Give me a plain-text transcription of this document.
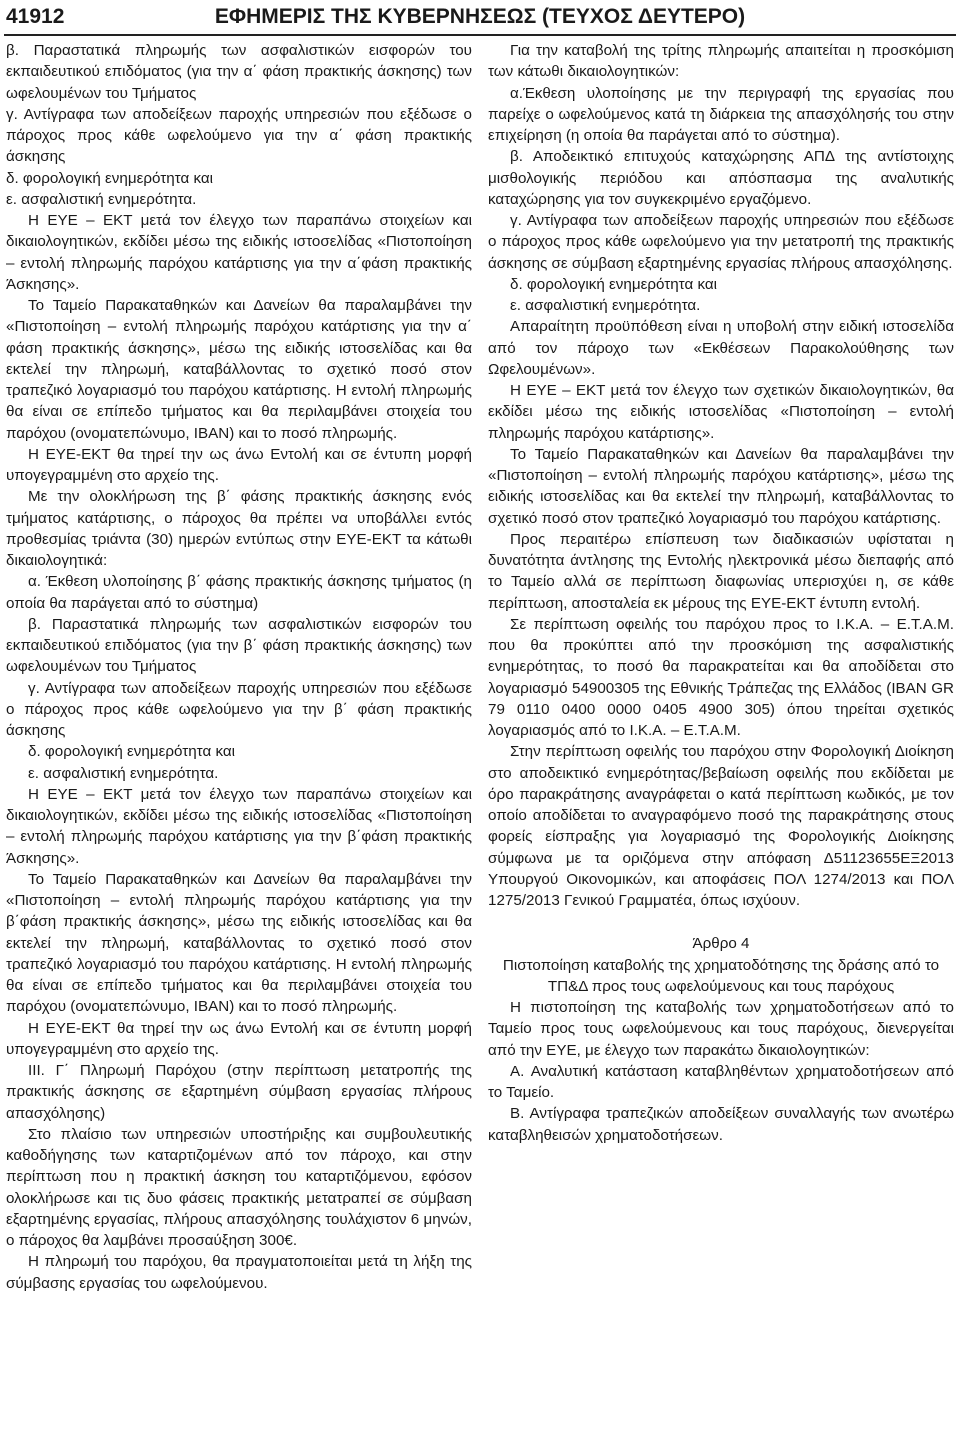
41912	ΕΦΗΜΕΡΙΣ ΤΗΣ ΚΥΒΕΡΝΗΣΕΩΣ (ΤΕΥΧΟΣ ΔΕΥΤΕΡΟ)

β. Παραστατικά πληρωμής των ασφαλιστικών εισφορών του εκπαιδευτικού επιδόματος (για την α΄ φάση πρακτικής άσκησης) των ωφελουμένων του Τμήματος

γ. Αντίγραφα των αποδείξεων παροχής υπηρεσιών που εξέδωσε ο πάροχος προς κάθε ωφελούμενο για την α΄ φάση πρακτικής άσκησης

δ. φορολογική ενημερότητα και

ε. ασφαλιστική ενημερότητα.

Η ΕΥΕ – ΕΚΤ μετά τον έλεγχο των παραπάνω στοιχείων και δικαιολογητικών, εκδίδει μέσω της ειδικής ιστοσελίδας «Πιστοποίηση – εντολή πληρωμής παρόχου κατάρτισης για την α΄φάση πρακτικής Άσκησης».

Το Ταμείο Παρακαταθηκών και Δανείων θα παραλαμβάνει την «Πιστοποίηση – εντολή πληρωμής παρόχου κατάρτισης για την α΄ φάση πρακτικής άσκησης», μέσω της ειδικής ιστοσελίδας και θα εκτελεί την πληρωμή, καταβάλλοντας το σχετικό ποσό στον τραπεζικό λογαριασμό του παρόχου κατάρτισης. Η εντολή πληρωμής θα είναι σε επίπεδο τμήματος και θα περιλαμβάνει στοιχεία του παρόχου (ονοματεπώνυμο, IBAN) και το ποσό πληρωμής.

Η ΕΥΕ-ΕΚΤ θα τηρεί την ως άνω Εντολή και σε έντυπη μορφή υπογεγραμμένη στο αρχείο της.

Με την ολοκλήρωση της β΄ φάσης πρακτικής άσκησης ενός τμήματος κατάρτισης, ο πάροχος θα πρέπει να υποβάλλει εντός προθεσμίας τριάντα (30) ημερών εντύπως στην ΕΥΕ-ΕΚΤ τα κάτωθι δικαιολογητικά:

α. Έκθεση υλοποίησης β΄ φάσης πρακτικής άσκησης τμήματος (η οποία θα παράγεται από το σύστημα)

β. Παραστατικά πληρωμής των ασφαλιστικών εισφορών του εκπαιδευτικού επιδόματος (για την β΄ φάση πρακτικής άσκησης) των ωφελουμένων του Τμήματος

γ. Αντίγραφα των αποδείξεων παροχής υπηρεσιών που εξέδωσε ο πάροχος προς κάθε ωφελούμενο για την β΄ φάση πρακτικής άσκησης

δ. φορολογική ενημερότητα και

ε. ασφαλιστική ενημερότητα.

Η ΕΥΕ – ΕΚΤ μετά τον έλεγχο των παραπάνω στοιχείων και δικαιολογητικών, εκδίδει μέσω της ειδικής ιστοσελίδας «Πιστοποίηση – εντολή πληρωμής παρόχου κατάρτισης για την β΄φάση πρακτικής Άσκησης».

Το Ταμείο Παρακαταθηκών και Δανείων θα παραλαμβάνει την «Πιστοποίηση – εντολή πληρωμής παρόχου κατάρτισης για την β΄φάση πρακτικής άσκησης», μέσω της ειδικής ιστοσελίδας και θα εκτελεί την πληρωμή, καταβάλλοντας το σχετικό ποσό στον τραπεζικό λογαριασμό του παρόχου κατάρτισης. Η εντολή πληρωμής θα είναι σε επίπεδο τμήματος και θα περιλαμβάνει στοιχεία του παρόχου (ονοματεπώνυμο, IBAN) και το ποσό πληρωμής.

Η ΕΥΕ-ΕΚΤ θα τηρεί την ως άνω Εντολή και σε έντυπη μορφή υπογεγραμμένη στο αρχείο της.

ΙΙΙ. Γ΄ Πληρωμή Παρόχου (στην περίπτωση μετατροπής της πρακτικής άσκησης σε εξαρτημένη σύμβαση εργασίας πλήρους απασχόλησης)

Στο πλαίσιο των υπηρεσιών υποστήριξης και συμβουλευτικής καθοδήγησης των καταρτιζομένων από τον πάροχο, και στην περίπτωση που η πρακτική άσκηση του καταρτιζόμενου, εφόσον ολοκλήρωσε και τις δυο φάσεις πρακτικής μετατραπεί σε σύμβαση εξαρτημένης εργασίας, πλήρους απασχόλησης τουλάχιστον 6 μηνών, ο πάροχος θα λαμβάνει προσαύξηση 300€.

Η πληρωμή του παρόχου, θα πραγματοποιείται μετά τη λήξη της σύμβασης εργασίας του ωφελούμενου.

Για την καταβολή της τρίτης πληρωμής απαιτείται η προσκόμιση των κάτωθι δικαιολογητικών:

α.Έκθεση υλοποίησης με την περιγραφή της εργασίας που παρείχε ο ωφελούμενος κατά τη διάρκεια της απασχόλησής του στην επιχείρηση (η οποία θα παράγεται από το σύστημα).

β. Αποδεικτικό επιτυχούς καταχώρησης ΑΠΔ της αντίστοιχης μισθολογικής περιόδου και απόσπασμα της αναλυτικής καταχώρησης για τον συγκεκριμένο εργαζόμενο.

γ. Αντίγραφα των αποδείξεων παροχής υπηρεσιών που εξέδωσε ο πάροχος προς κάθε ωφελούμενο για την μετατροπή της πρακτικής άσκησης σε σύμβαση εξαρτημένης εργασίας πλήρους απασχόλησης.

δ. φορολογική ενημερότητα και

ε. ασφαλιστική ενημερότητα.

Απαραίτητη προϋπόθεση είναι η υποβολή στην ειδική ιστοσελίδα από τον πάροχο των «Εκθέσεων Παρακολούθησης των Ωφελουμένων».

Η ΕΥΕ – ΕΚΤ μετά τον έλεγχο των σχετικών δικαιολογητικών, θα εκδίδει μέσω της ειδικής ιστοσελίδας «Πιστοποίηση – εντολή πληρωμής παρόχου κατάρτισης».

Το Ταμείο Παρακαταθηκών και Δανείων θα παραλαμβάνει την «Πιστοποίηση – εντολή πληρωμής παρόχου κατάρτισης», μέσω της ειδικής ιστοσελίδας και θα εκτελεί την πληρωμή, καταβάλλοντας το σχετικό ποσό στον τραπεζικό λογαριασμό του παρόχου κατάρτισης.

Προς περαιτέρω επίσπευση των διαδικασιών υφίσταται η δυνατότητα άντλησης της Εντολής ηλεκτρονικά μέσω διεπαφής από το Ταμείο αλλά σε περίπτωση διαφωνίας υπερισχύει η, σε κάθε περίπτωση, αποσταλεία εκ μέρους της ΕΥΕ-ΕΚΤ έντυπη εντολή.

Σε περίπτωση οφειλής του παρόχου προς το Ι.Κ.Α. – Ε.Τ.Α.Μ. που θα προκύπτει από την προσκόμιση της ασφαλιστικής ενημερότητας, το ποσό θα παρακρατείται και θα αποδίδεται στο λογαριασμό 54900305 της Εθνικής Τράπεζας της Ελλάδος (IBAN GR 79 0110 0400 0000 0405 4900 305) όπου τηρείται σχετικός λογαριασμός από το Ι.Κ.Α. – Ε.Τ.Α.Μ.

Στην περίπτωση οφειλής του παρόχου στην Φορολογική Διοίκηση στο αποδεικτικό ενημερότητας/βεβαίωση οφειλής που εκδίδεται με όρο παρακράτησης αναγράφεται ο κατά περίπτωση κωδικός, με τον οποίο αποδίδεται το αναγραφόμενο ποσό της παρακράτησης στους φορείς είσπραξης για λογαριασμό της Φορολογικής Διοίκησης σύμφωνα με τα οριζόμενα στην απόφαση Δ51123655ΕΞ2013 Υπουργού Οικονομικών, και αποφάσεις ΠΟΛ 1274/2013 και ΠΟΛ 1275/2013 Γενικού Γραμματέα, όπως ισχύουν.

Άρθρο 4

Πιστοποίηση καταβολής της χρηματοδότησης της δράσης από το ΤΠ&Δ προς τους ωφελούμενους και τους παρόχους

Η πιστοποίηση της καταβολής των χρηματοδοτήσεων από το Ταμείο προς τους ωφελούμενους και τους παρόχους, διενεργείται από την ΕΥΕ, με έλεγχο των παρακάτω δικαιολογητικών:

Α. Αναλυτική κατάσταση καταβληθέντων χρηματοδοτήσεων από το Ταμείο.

Β. Αντίγραφα τραπεζικών αποδείξεων συναλλαγής των ανωτέρω καταβληθεισών χρηματοδοτήσεων.
